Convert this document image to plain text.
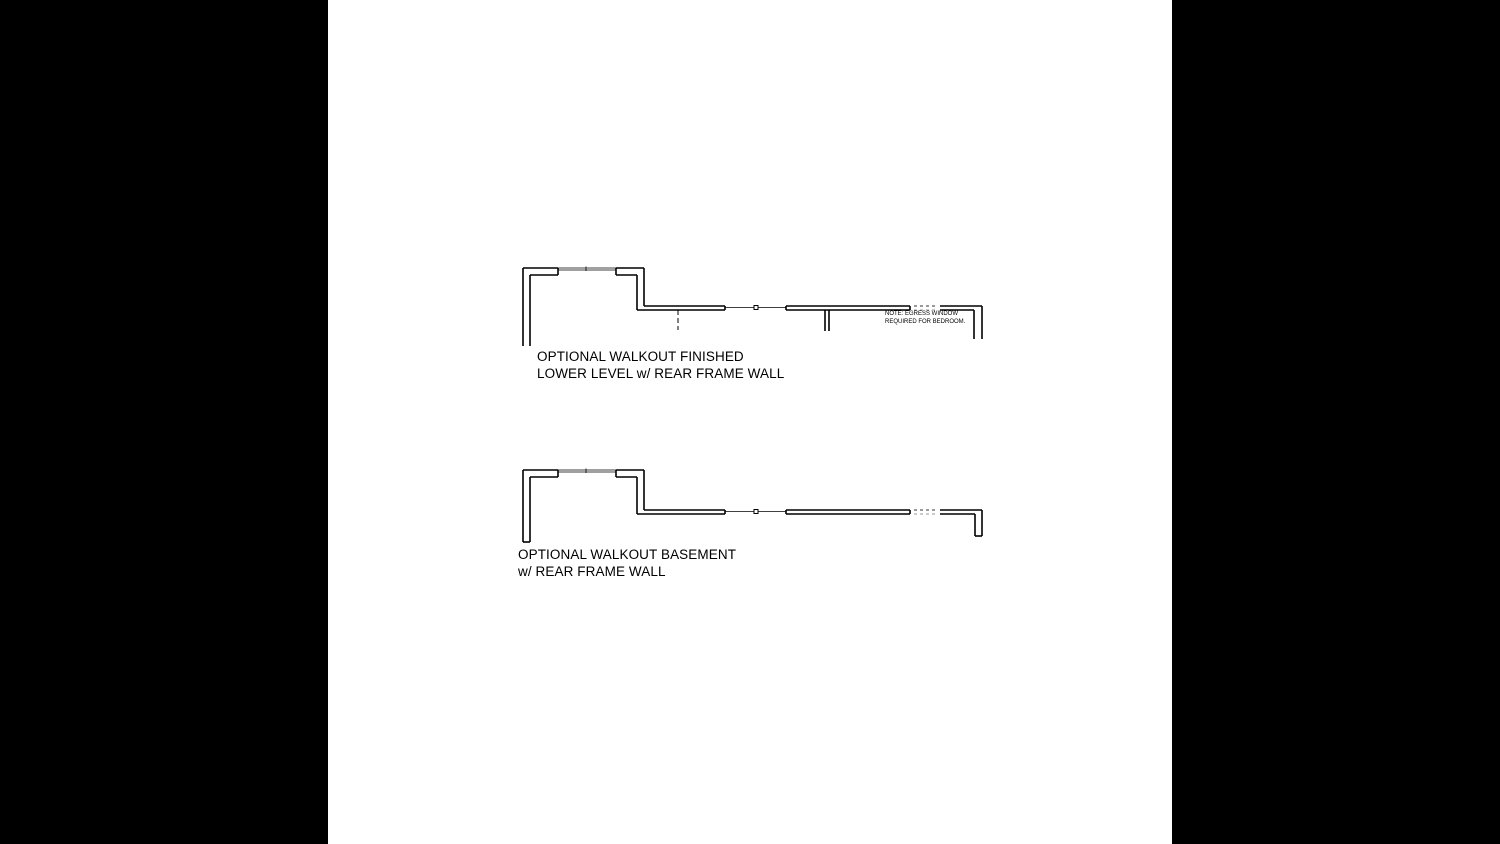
NOTE: EGRESS WINDOW
REQUIRED FOR BEDROOM.
OPTIONAL WALKOUT FINISHED
LOWER LEVEL w/ REAR FRAME WALL
OPTIONAL WALKOUT BASEMENT
w/ REAR FRAME WALL
